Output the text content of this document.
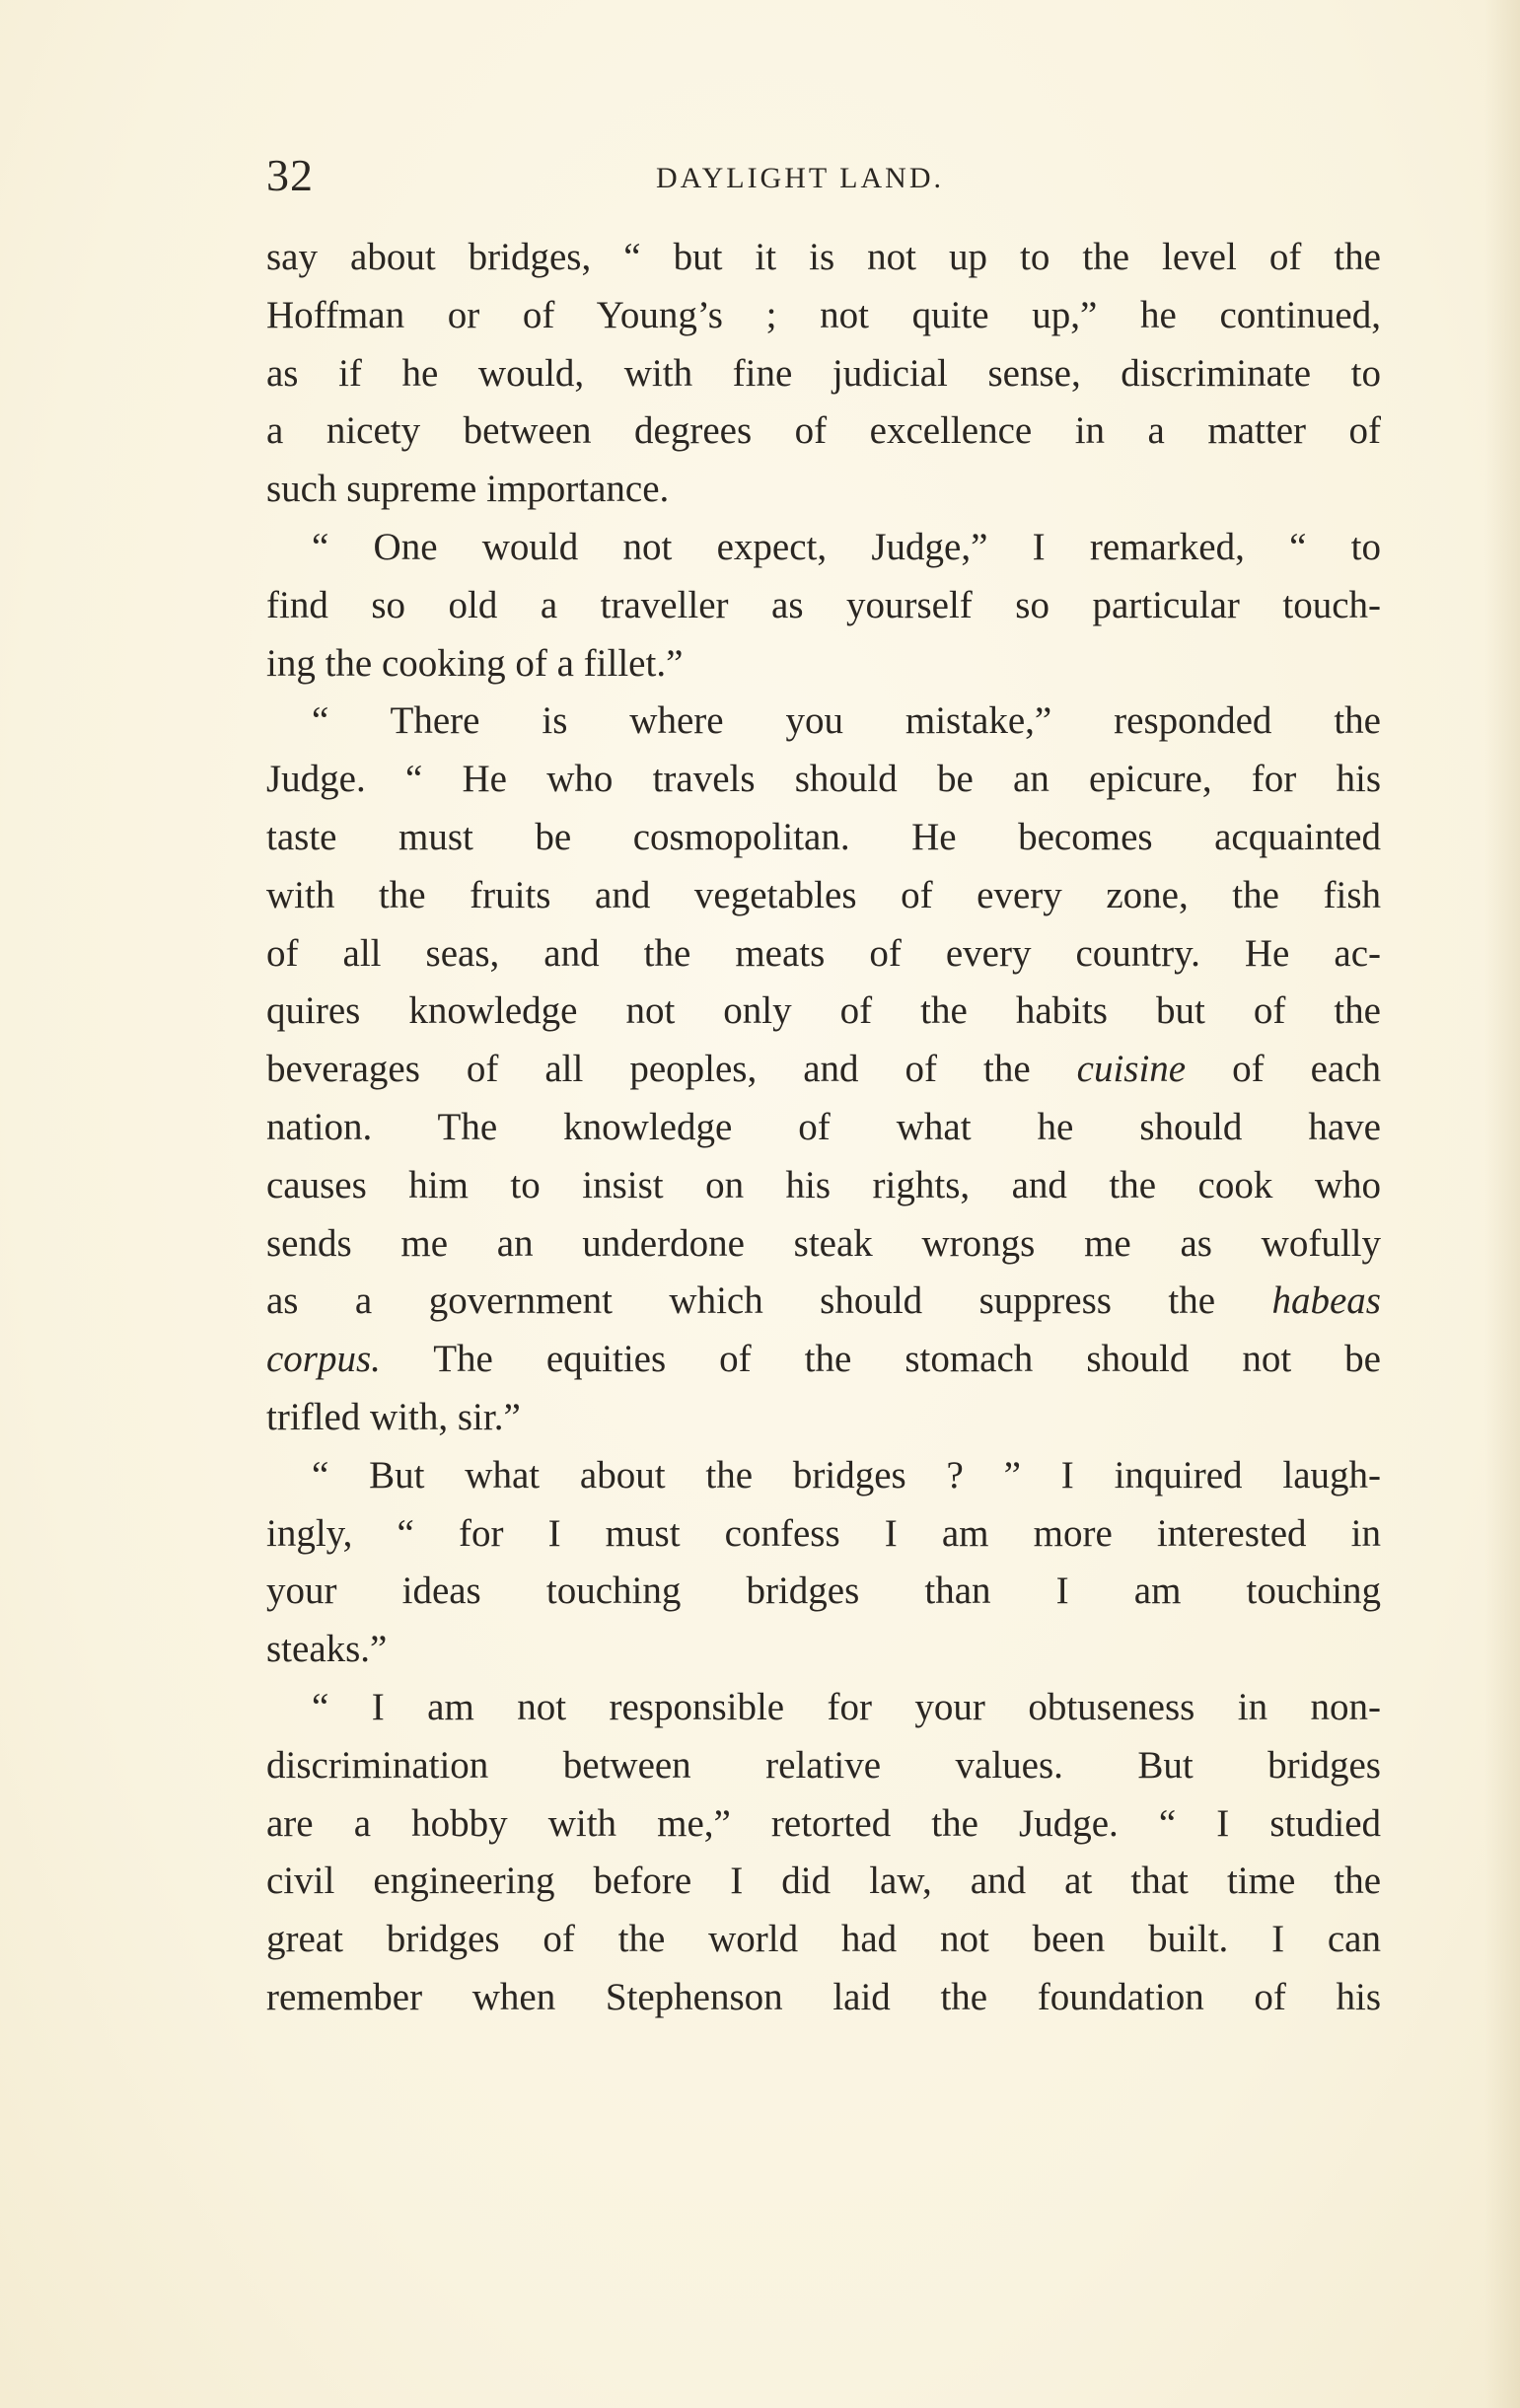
32	DAYLIGHT LAND.
say about bridges, “ but it is not up to the level of the
Hoffman or of Young’s ; not quite up,” he continued,
as if he would, with fine judicial sense, discriminate to
a nicety between degrees of excellence in a matter of
such supreme importance.
“ One would not expect, Judge,” I remarked, “ to
find so old a traveller as yourself so particular touch-
ing the cooking of a fillet.”
“ There is where you mistake,” responded the
Judge. “ He who travels should be an epicure, for his
taste must be cosmopolitan. He becomes acquainted
with the fruits and vegetables of every zone, the fish
of all seas, and the meats of every country. He ac-
quires knowledge not only of the habits but of the
beverages of all peoples, and of the cuisine of each
nation. The knowledge of what he should have
causes him to insist on his rights, and the cook who
sends me an underdone steak wrongs me as wofully
as a government which should suppress the habeas
corpus. The equities of the stomach should not be
trifled with, sir.”
“ But what about the bridges ? ” I inquired laugh-
ingly, “ for I must confess I am more interested in
your ideas touching bridges than I am touching
steaks.”
“ I am not responsible for your obtuseness in non-
discrimination between relative values. But bridges
are a hobby with me,” retorted the Judge. “ I studied
civil engineering before I did law, and at that time the
great bridges of the world had not been built. I can
remember when Stephenson laid the foundation of his
